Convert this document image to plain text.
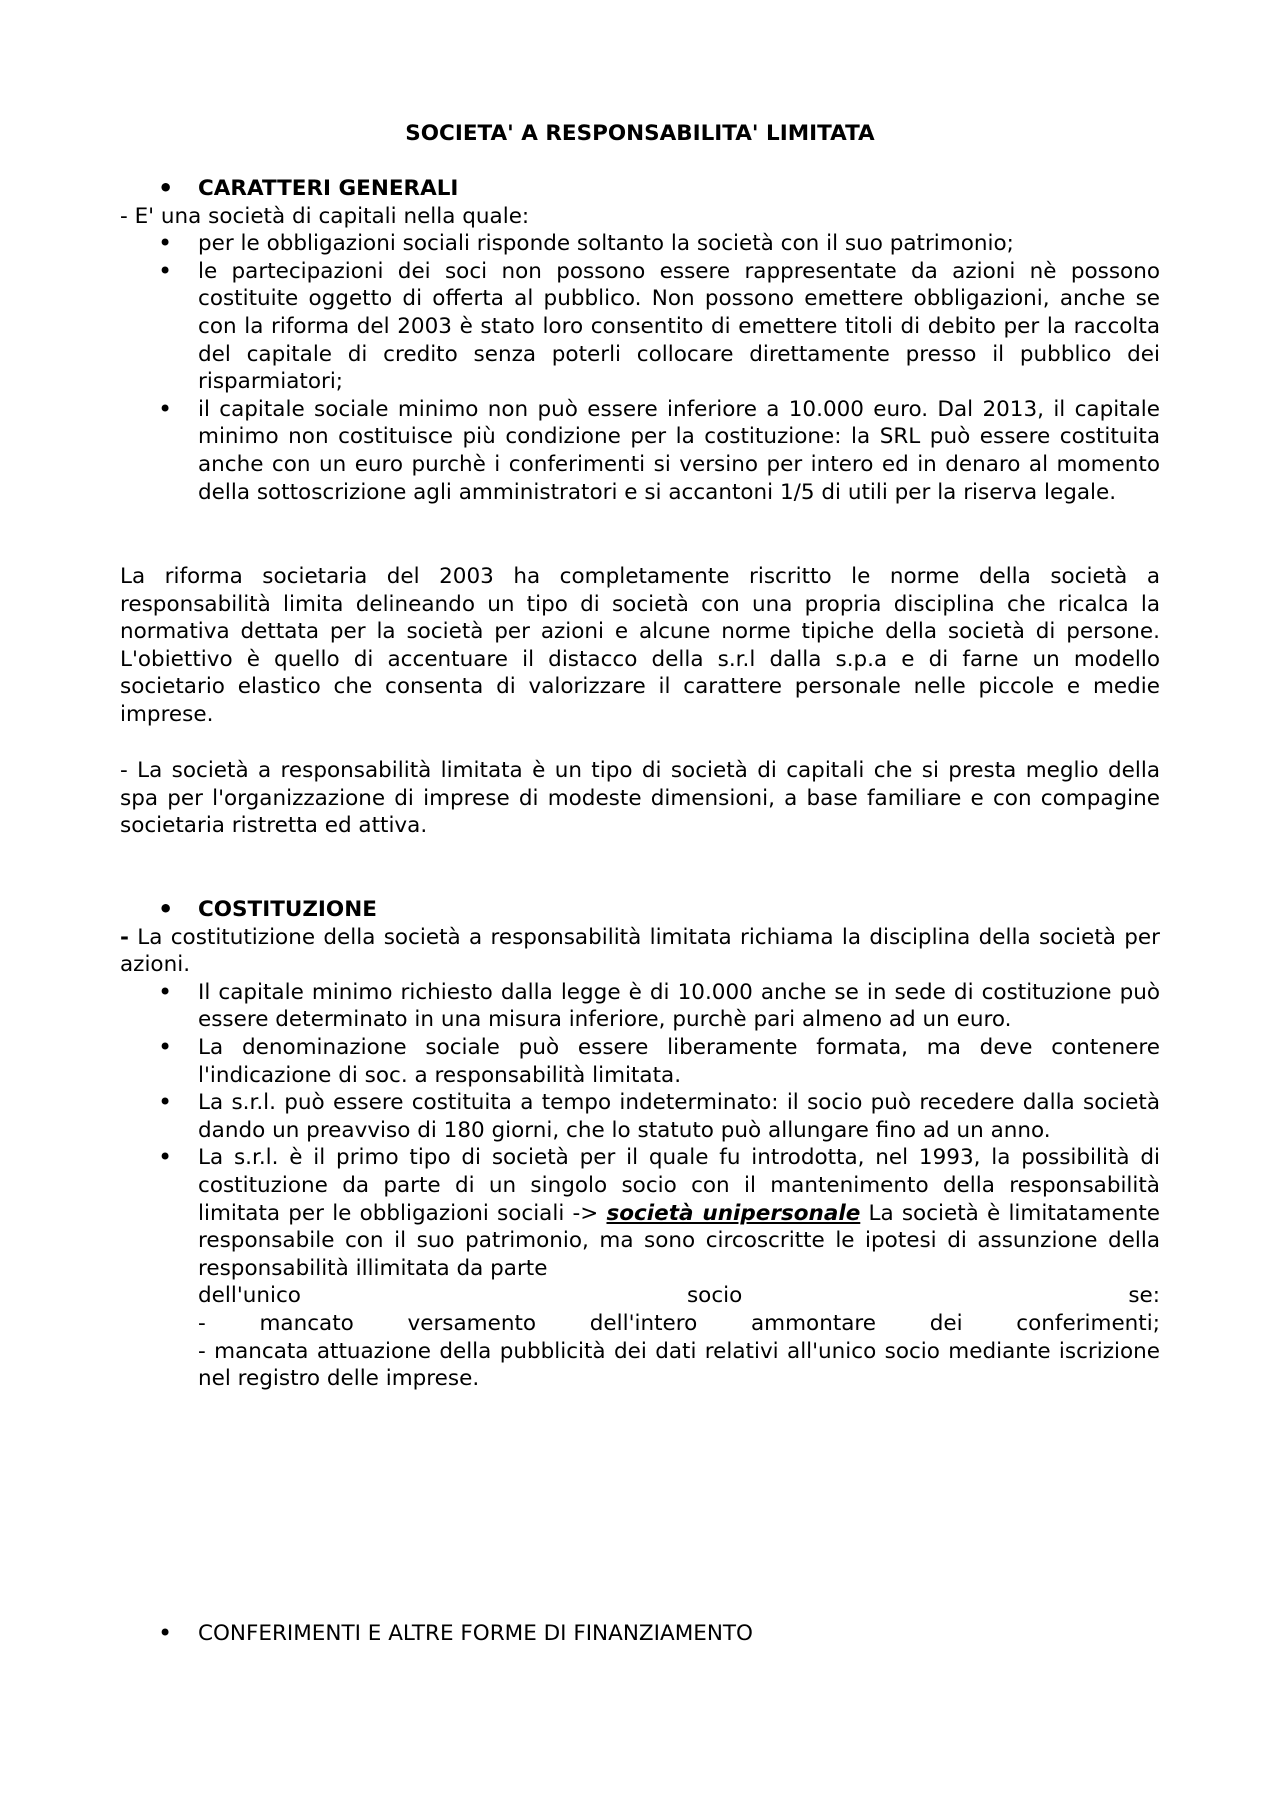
SOCIETA' A RESPONSABILITA' LIMITATA
• CARATTERI GENERALI
- E' una società di capitali nella quale:
• per le obbligazioni sociali risponde soltanto la società con il suo patrimonio;
• le partecipazioni dei soci non possono essere rappresentate da azioni nè possono costituite oggetto di offerta al pubblico. Non possono emettere obbligazioni, anche se con la riforma del 2003 è stato loro consentito di emettere titoli di debito per la raccolta del capitale di credito senza poterli collocare direttamente presso il pubblico dei risparmiatori;
• il capitale sociale minimo non può essere inferiore a 10.000 euro. Dal 2013, il capitale minimo non costituisce più condizione per la costituzione: la SRL può essere costituita anche con un euro purchè i conferimenti si versino per intero ed in denaro al momento della sottoscrizione agli amministratori e si accantoni 1/5 di utili per la riserva legale.
La riforma societaria del 2003 ha completamente riscritto le norme della società a responsabilità limita delineando un tipo di società con una propria disciplina che ricalca la normativa dettata per la società per azioni e alcune norme tipiche della società di persone. L'obiettivo è quello di accentuare il distacco della s.r.l dalla s.p.a e di farne un modello societario elastico che consenta di valorizzare il carattere personale nelle piccole e medie imprese.
- La società a responsabilità limitata è un tipo di società di capitali che si presta meglio della spa per l'organizzazione di imprese di modeste dimensioni, a base familiare e con compagine societaria ristretta ed attiva.
• COSTITUZIONE
- La costitutizione della società a responsabilità limitata richiama la disciplina della società per azioni.
• Il capitale minimo richiesto dalla legge è di 10.000 anche se in sede di costituzione può essere determinato in una misura inferiore, purchè pari almeno ad un euro.
• La denominazione sociale può essere liberamente formata, ma deve contenere l'indicazione di soc. a responsabilità limitata.
• La s.r.l. può essere costituita a tempo indeterminato: il socio può recedere dalla società dando un preavviso di 180 giorni, che lo statuto può allungare fino ad un anno.
• La s.r.l. è il primo tipo di società per il quale fu introdotta, nel 1993, la possibilità di costituzione da parte di un singolo socio con il mantenimento della responsabilità limitata per le obbligazioni sociali -> società unipersonale La società è limitatamente responsabile con il suo patrimonio, ma sono circoscritte le ipotesi di assunzione della responsabilità illimitata da parte
dell'unico	socio	se:
- mancato versamento dell'intero ammontare dei conferimenti;
- mancata attuazione della pubblicità dei dati relativi all'unico socio mediante iscrizione nel registro delle imprese.
• CONFERIMENTI E ALTRE FORME DI FINANZIAMENTO
